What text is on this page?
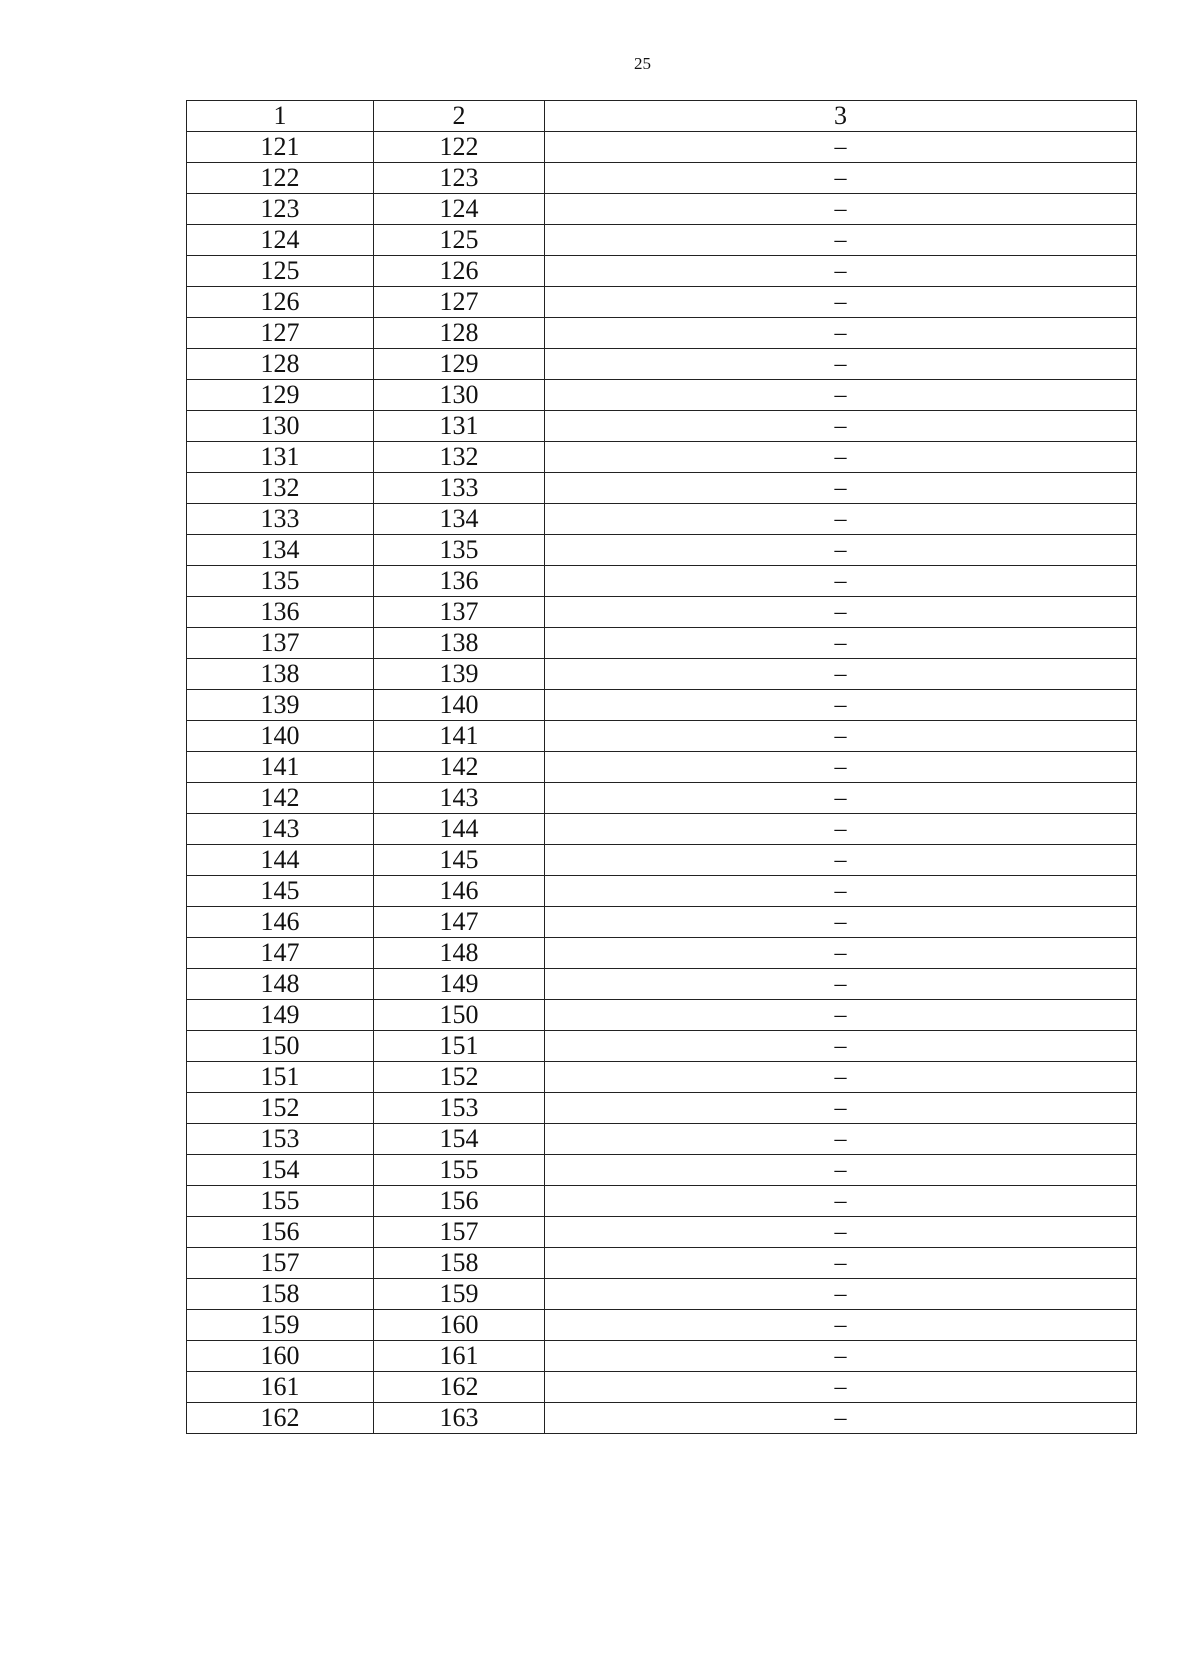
25
1	2	3
121	122	–
122	123	–
123	124	–
124	125	–
125	126	–
126	127	–
127	128	–
128	129	–
129	130	–
130	131	–
131	132	–
132	133	–
133	134	–
134	135	–
135	136	–
136	137	–
137	138	–
138	139	–
139	140	–
140	141	–
141	142	–
142	143	–
143	144	–
144	145	–
145	146	–
146	147	–
147	148	–
148	149	–
149	150	–
150	151	–
151	152	–
152	153	–
153	154	–
154	155	–
155	156	–
156	157	–
157	158	–
158	159	–
159	160	–
160	161	–
161	162	–
162	163	–
